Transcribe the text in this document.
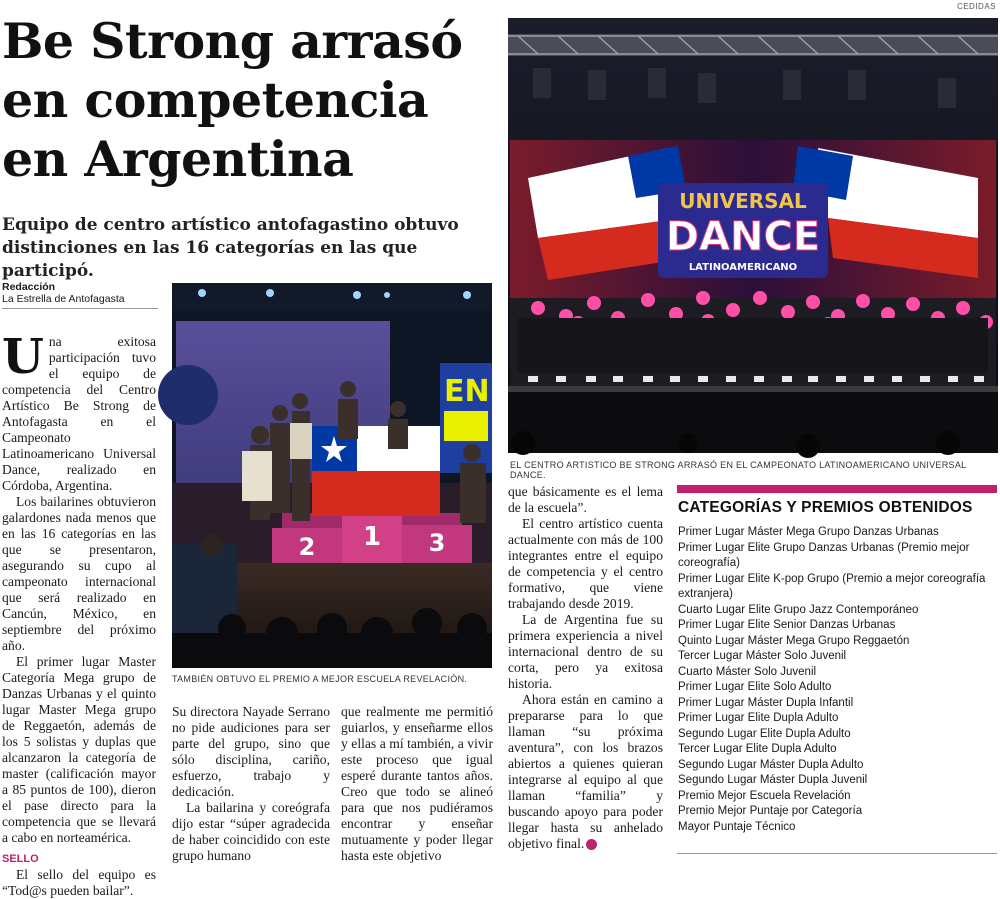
CEDIDAS
Be Strong arrasó en competencia en Argentina
Equipo de centro artístico antofagastino obtuvo distinciones en las 16 categorías en las que participó.
Redacción
La Estrella de Antofagasta

Una exitosa participación tuvo el equipo de competencia del Centro Artístico Be Strong de Antofagasta en el Campeonato Latinoamericano Universal Dance, realizado en Córdoba, Argentina.

Los bailarines obtuvieron galardones nada menos que en las 16 categorías en las que se presentaron, asegurando su cupo al campeonato internacional que será realizado en Cancún, México, en septiembre del próximo año.

El primer lugar Master Categoría Mega grupo de Danzas Urbanas y el quinto lugar Master Mega grupo de Reggaetón, además de los 5 solistas y duplas que alcanzaron la categoría de master (calificación mayor a 85 puntos de 100), dieron el pase directo para la competencia que se llevará a cabo en norteamérica.

SELLO

El sello del equipo es “Tod@s pueden bailar”.

EN
2 1 3
TAMBIÉN OBTUVO EL PREMIO A MEJOR ESCUELA REVELACIÓN.

Su directora Nayade Serrano no pide audiciones para ser parte del grupo, sino que sólo disciplina, cariño, esfuerzo, trabajo y dedicación.

La bailarina y coreógrafa dijo estar “súper agradecida de haber coincidido con este grupo humano

que realmente me permitió guiarlos, y enseñarme ellos y ellas a mí también, a vivir este proceso que igual esperé durante tantos años. Creo que todo se alineó para que nos pudiéramos encontrar y enseñar mutuamente y poder llegar hasta este objetivo

UNIVERSAL
DANCE
LATINOAMERICANO
EL CENTRO ARTISTICO BE STRONG ARRASÓ EN EL CAMPEONATO LATINOAMERICANO UNIVERSAL DANCE.

que básicamente es el lema de la escuela”.

El centro artístico cuenta actualmente con más de 100 integrantes entre el equipo de competencia y el centro formativo, que viene trabajando desde 2019.

La de Argentina fue su primera experiencia a nivel internacional dentro de su corta, pero ya exitosa historia.

Ahora están en camino a prepararse para lo que llaman “su próxima aventura”, con los brazos abiertos a quienes quieran integrarse al equipo al que llaman “familia” y buscando apoyo para poder llegar hasta su anhelado objetivo final. ✪

CATEGORÍAS Y PREMIOS OBTENIDOS
Primer Lugar Máster Mega Grupo Danzas Urbanas
Primer Lugar Elite Grupo Danzas Urbanas (Premio mejor coreografía)
Primer Lugar Elite K-pop Grupo (Premio a mejor coreografía extranjera)
Cuarto Lugar Elite Grupo Jazz Contemporáneo
Primer Lugar Elite Senior Danzas Urbanas
Quinto Lugar Máster Mega Grupo Reggaetón
Tercer Lugar Máster Solo Juvenil
Cuarto Máster Solo Juvenil
Primer Lugar Elite Solo Adulto
Primer Lugar Máster Dupla Infantil
Primer Lugar Elite Dupla Adulto
Segundo Lugar Elite Dupla Adulto
Tercer Lugar Elite Dupla Adulto
Segundo Lugar Máster Dupla Adulto
Segundo Lugar Máster Dupla Juvenil
Premio Mejor Escuela Revelación
Premio Mejor Puntaje por Categoría
Mayor Puntaje Técnico
